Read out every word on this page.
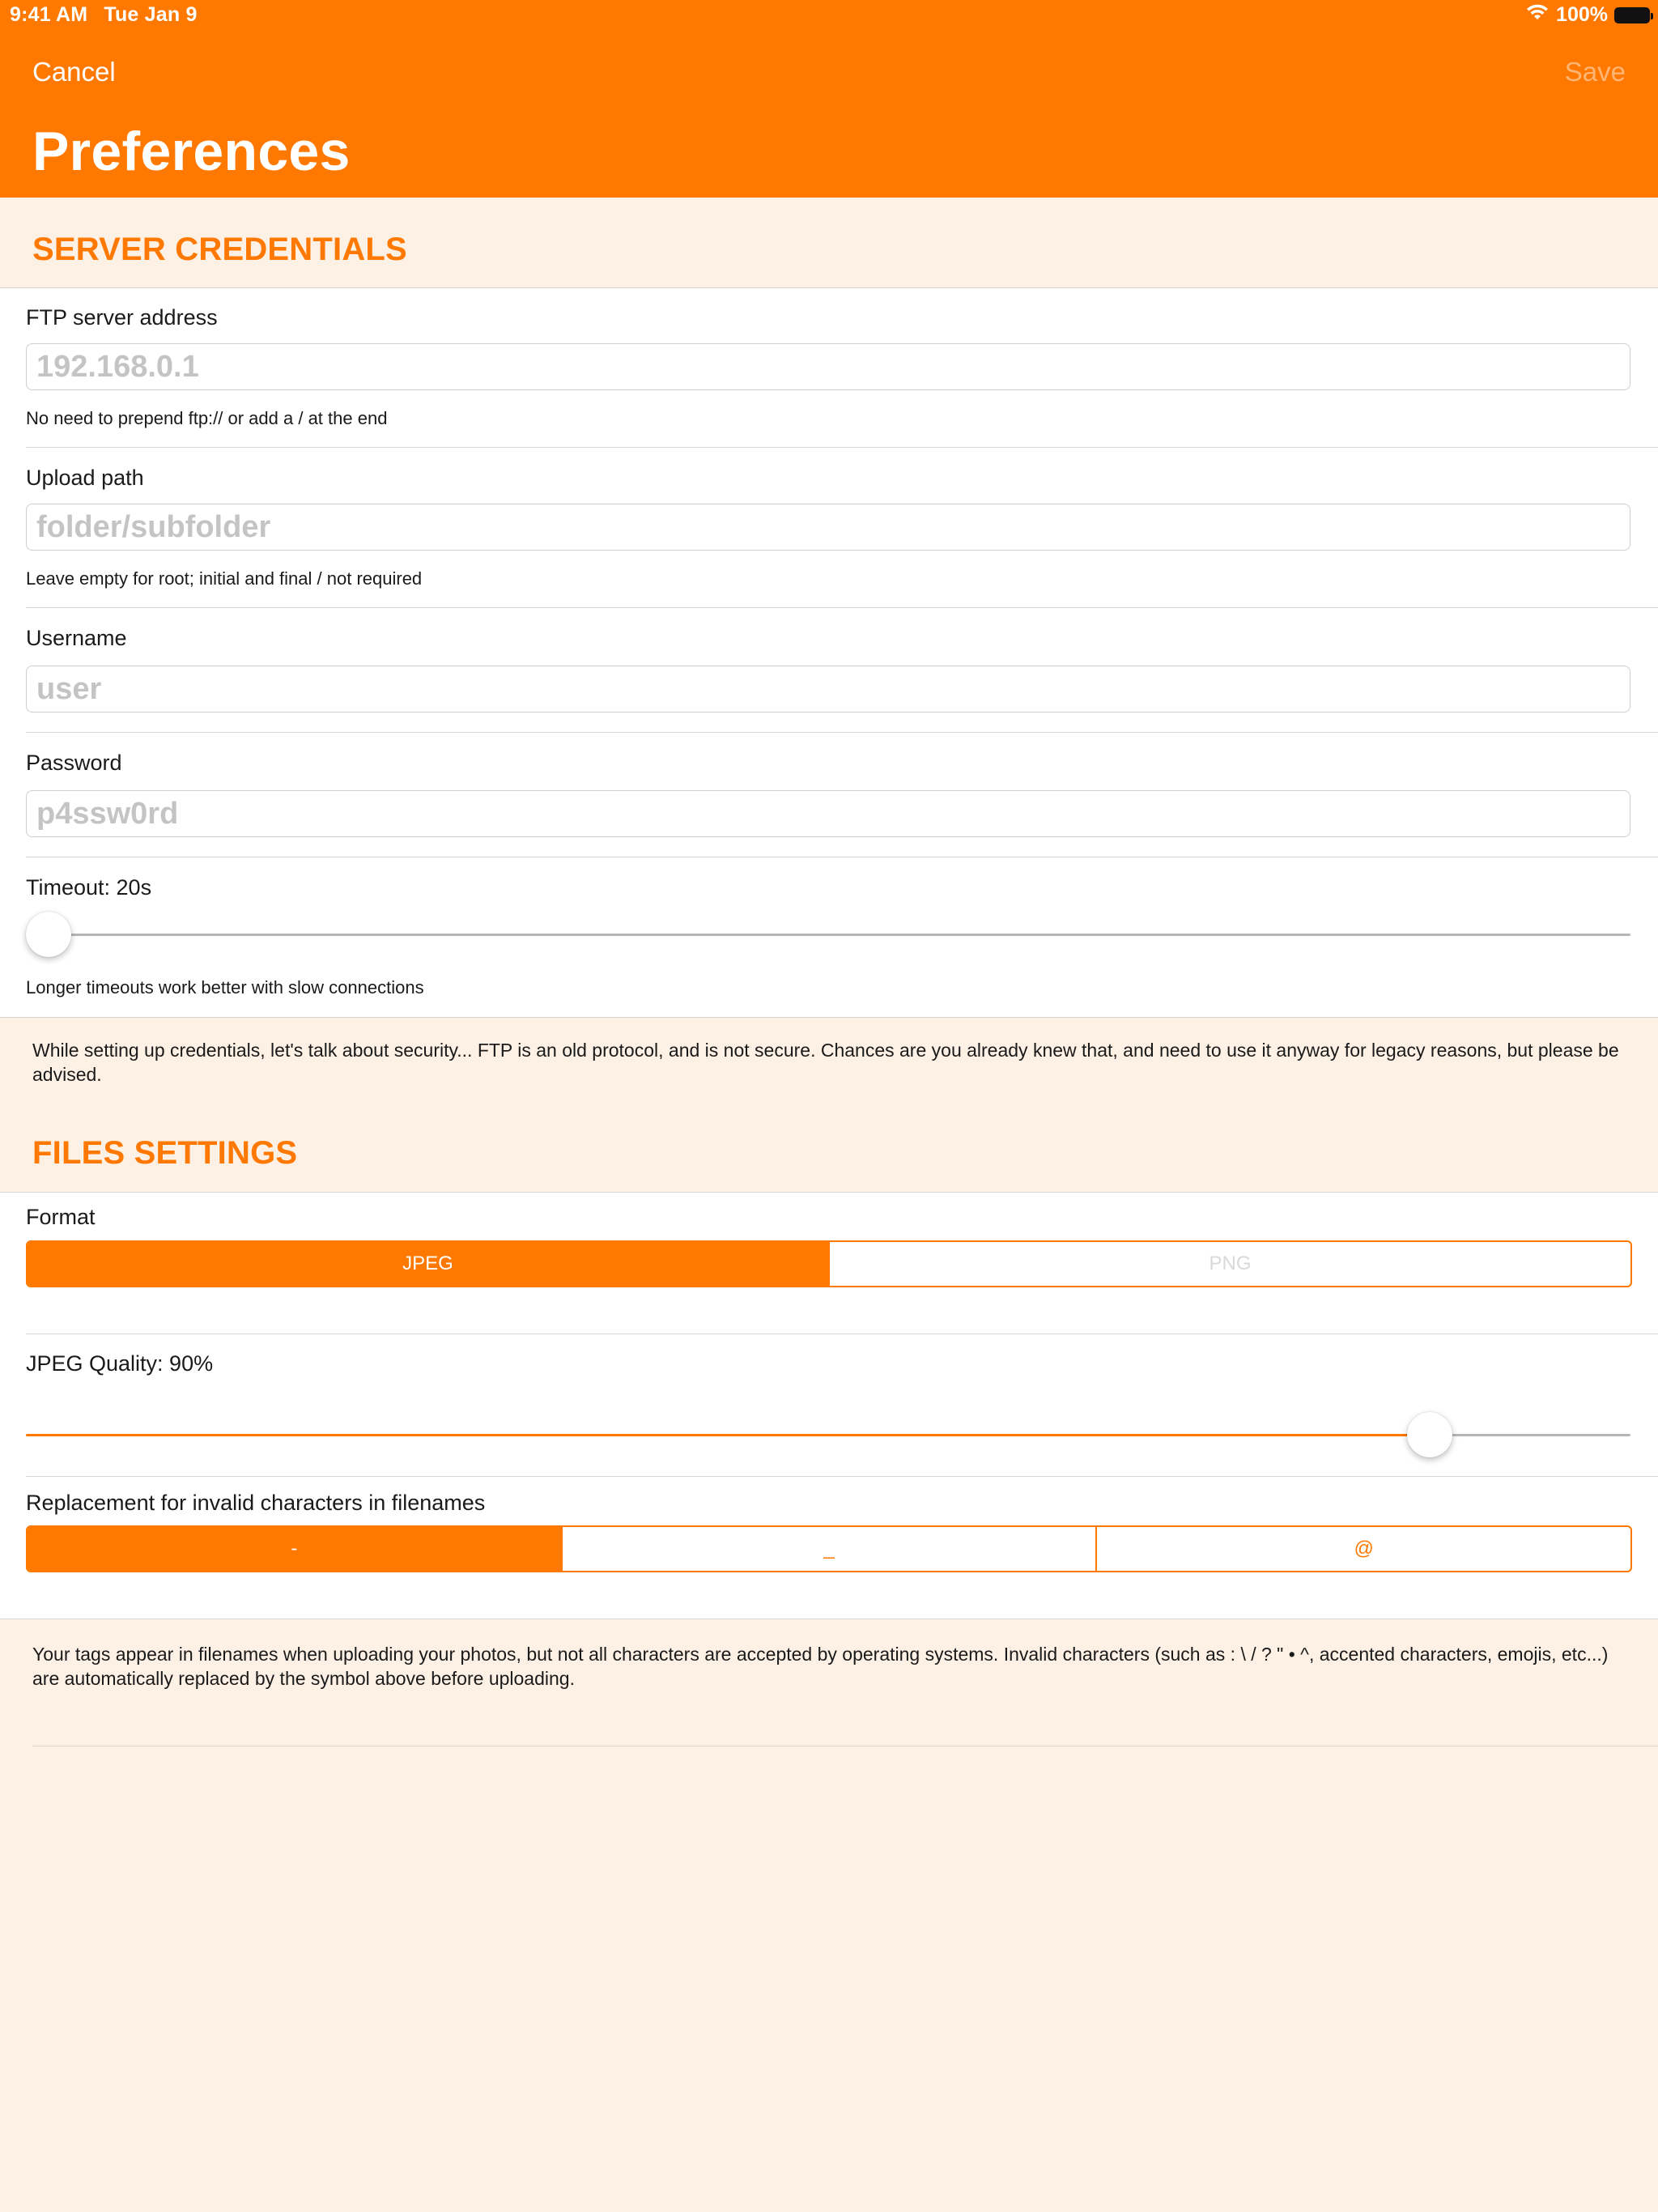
9:41 AM Tue Jan 9	100%
Cancel	Save
Preferences
SERVER CREDENTIALS
FTP server address
192.168.0.1
No need to prepend ftp:// or add a / at the end
Upload path
folder/subfolder
Leave empty for root; initial and final / not required
Username
user
Password
p4ssw0rd
Timeout: 20s
Longer timeouts work better with slow connections
While setting up credentials, let's talk about security... FTP is an old protocol, and is not secure. Chances are you already knew that, and need to use it anyway for legacy reasons, but please be advised.
FILES SETTINGS
Format
JPEG	PNG
JPEG Quality: 90%
Replacement for invalid characters in filenames
-	_	@
Your tags appear in filenames when uploading your photos, but not all characters are accepted by operating systems. Invalid characters (such as : \ / ? " • ^, accented characters, emojis, etc...) are automatically replaced by the symbol above before uploading.
